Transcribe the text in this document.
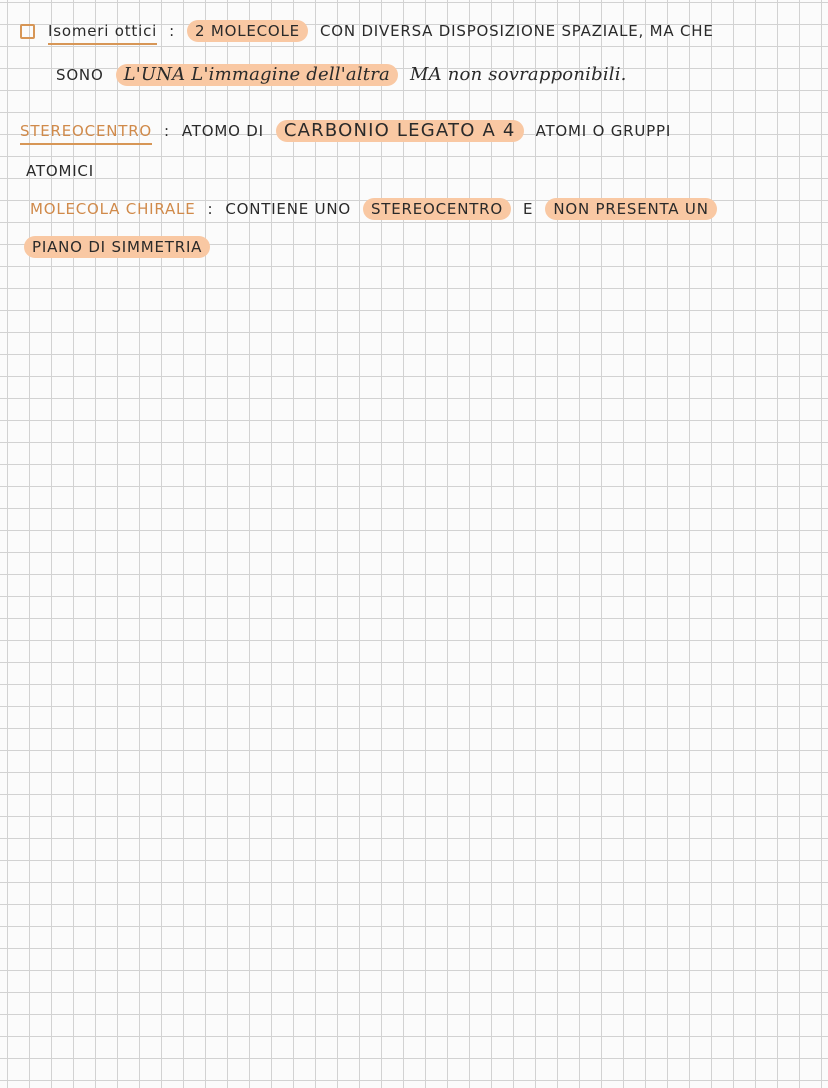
Isomeri ottici : 2 MOLECOLE CON DIVERSA DISPOSIZIONE SPAZIALE, MA CHE
SONO L'UNA L'immagine dell'altra MA non sovrapponibili.
STEREOCENTRO : ATOMO DI CARBONIO LEGATO A 4 ATOMI O GRUPPI
ATOMICI
MOLECOLA CHIRALE : CONTIENE UNO STEREOCENTRO E NON PRESENTA UN
PIANO DI SIMMETRIA
